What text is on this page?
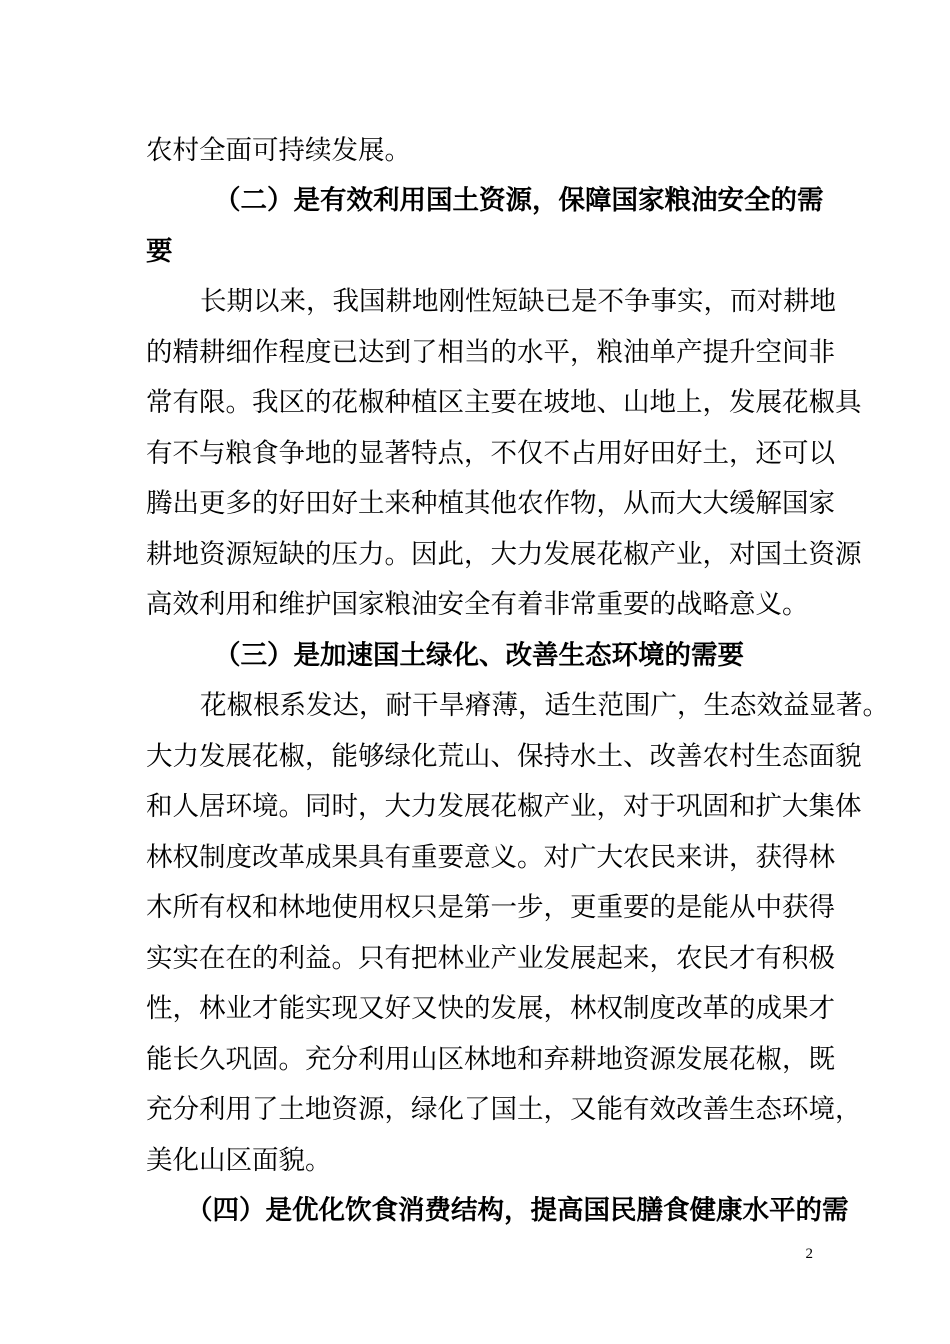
农村全面可持续发展。
（二）是有效利用国土资源，保障国家粮油安全的需
要
长期以来，我国耕地刚性短缺已是不争事实，而对耕地
的精耕细作程度已达到了相当的水平，粮油单产提升空间非
常有限。我区的花椒种植区主要在坡地、山地上，发展花椒具
有不与粮食争地的显著特点，不仅不占用好田好土，还可以
腾出更多的好田好土来种植其他农作物，从而大大缓解国家
耕地资源短缺的压力。因此，大力发展花椒产业，对国土资源
高效利用和维护国家粮油安全有着非常重要的战略意义。
（三）是加速国土绿化、改善生态环境的需要
花椒根系发达，耐干旱瘠薄，适生范围广，生态效益显著。
大力发展花椒，能够绿化荒山、保持水土、改善农村生态面貌
和人居环境。同时，大力发展花椒产业，对于巩固和扩大集体
林权制度改革成果具有重要意义。对广大农民来讲，获得林
木所有权和林地使用权只是第一步，更重要的是能从中获得
实实在在的利益。只有把林业产业发展起来，农民才有积极
性，林业才能实现又好又快的发展，林权制度改革的成果才
能长久巩固。充分利用山区林地和弃耕地资源发展花椒，既
充分利用了土地资源，绿化了国土，又能有效改善生态环境，
美化山区面貌。
（四）是优化饮食消费结构，提高国民膳食健康水平的需
2
